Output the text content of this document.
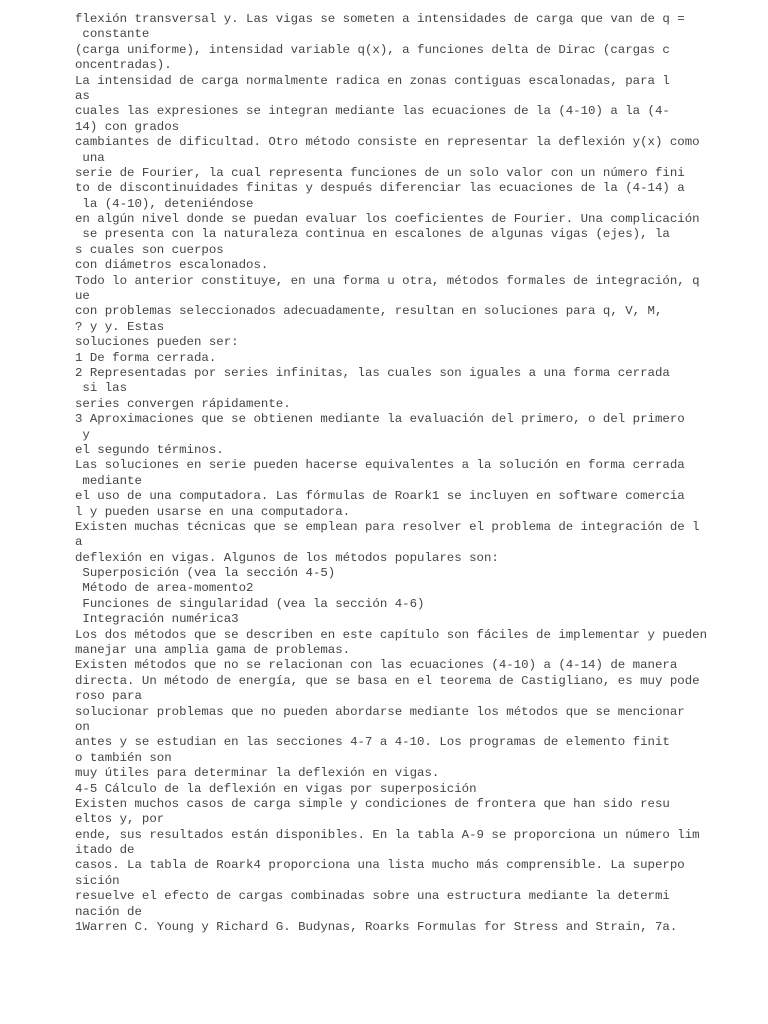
flexión transversal y. Las vigas se someten a intensidades de carga que van de q =
constante
(carga uniforme), intensidad variable q(x), a funciones delta de Dirac (cargas c
oncentradas).
La intensidad de carga normalmente radica en zonas contiguas escalonadas, para l
as
cuales las expresiones se integran mediante las ecuaciones de la (4-10) a la (4-
14) con grados
cambiantes de dificultad. Otro método consiste en representar la deflexión y(x) como
una
serie de Fourier, la cual representa funciones de un solo valor con un número fini
to de discontinuidades finitas y después diferenciar las ecuaciones de la (4-14) a
la (4-10), deteniéndose
en algún nivel donde se puedan evaluar los coeficientes de Fourier. Una complicación
se presenta con la naturaleza continua en escalones de algunas vigas (ejes), la
s cuales son cuerpos
con diámetros escalonados.
Todo lo anterior constituye, en una forma u otra, métodos formales de integración, q
ue
con problemas seleccionados adecuadamente, resultan en soluciones para q, V, M,
? y y. Estas
soluciones pueden ser:
1 De forma cerrada.
2 Representadas por series infinitas, las cuales son iguales a una forma cerrada
si las
series convergen rápidamente.
3 Aproximaciones que se obtienen mediante la evaluación del primero, o del primero
y
el segundo términos.
Las soluciones en serie pueden hacerse equivalentes a la solución en forma cerrada
mediante
el uso de una computadora. Las fórmulas de Roark1 se incluyen en software comercia
l y pueden usarse en una computadora.
Existen muchas técnicas que se emplean para resolver el problema de integración de l
a
deflexión en vigas. Algunos de los métodos populares son:
Superposición (vea la sección 4-5)
Método de area-momento2
Funciones de singularidad (vea la sección 4-6)
Integración numérica3
Los dos métodos que se describen en este capítulo son fáciles de implementar y pueden
manejar una amplia gama de problemas.
Existen métodos que no se relacionan con las ecuaciones (4-10) a (4-14) de manera
directa. Un método de energía, que se basa en el teorema de Castigliano, es muy pode
roso para
solucionar problemas que no pueden abordarse mediante los métodos que se mencionar
on
antes y se estudian en las secciones 4-7 a 4-10. Los programas de elemento finit
o también son
muy útiles para determinar la deflexión en vigas.
4-5 Cálculo de la deflexión en vigas por superposición
Existen muchos casos de carga simple y condiciones de frontera que han sido resu
eltos y, por
ende, sus resultados están disponibles. En la tabla A-9 se proporciona un número lim
itado de
casos. La tabla de Roark4 proporciona una lista mucho más comprensible. La superpo
sición
resuelve el efecto de cargas combinadas sobre una estructura mediante la determi
nación de
1Warren C. Young y Richard G. Budynas, Roarks Formulas for Stress and Strain, 7a.
